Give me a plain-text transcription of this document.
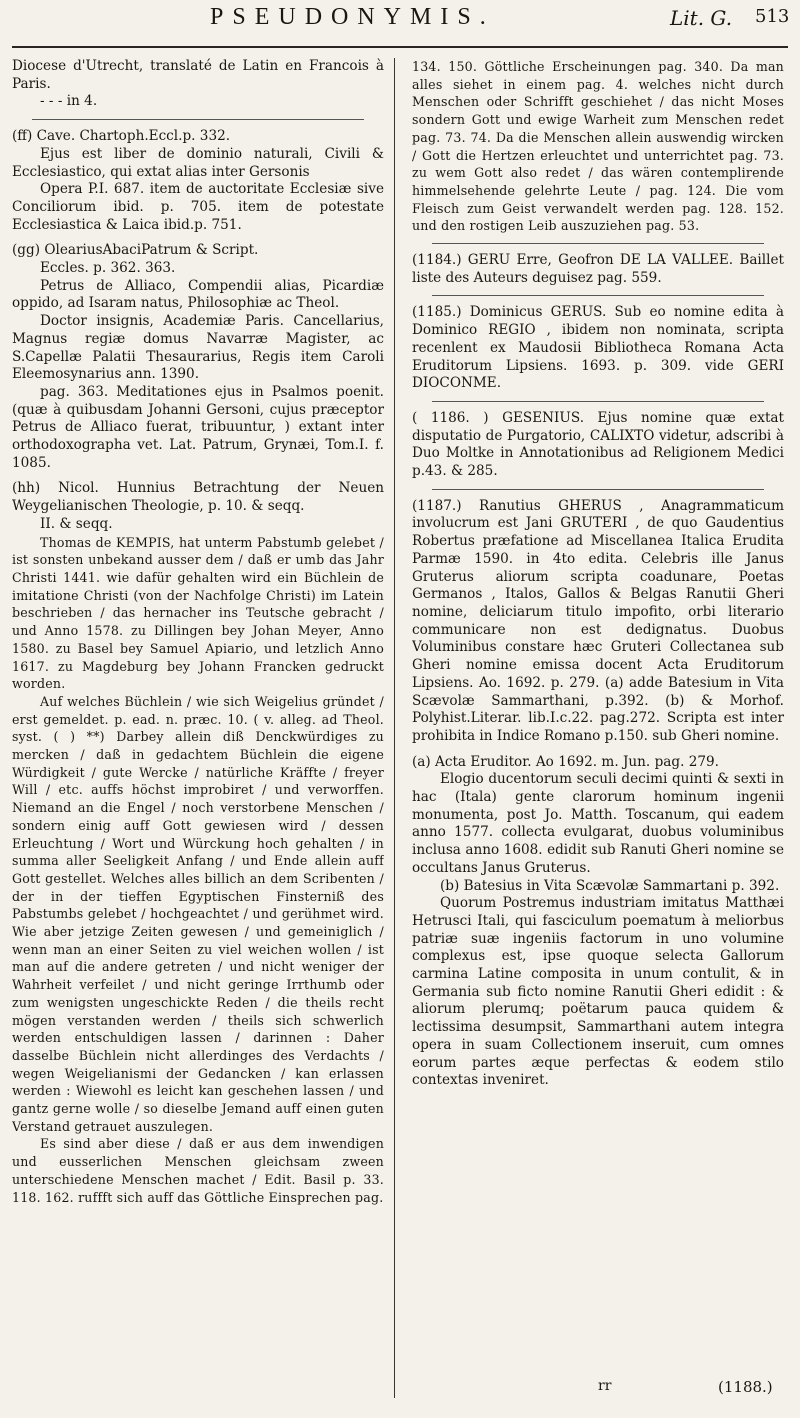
PSEUDONYMIS.	Lit. G. 513

Diocese d'Utrecht, translaté de Latin en Francois à Paris.

- - - in 4.

(ff) Cave. Chartoph.Eccl.p. 332.

Ejus est liber de dominio naturali, Civili & Ecclesiastico, qui extat alias inter Gersonis

Opera P.I. 687. item de auctoritate Ecclesiæ sive Conciliorum ibid. p. 705. item de potestate Ecclesiastica & Laica ibid.p. 751.

(gg) OleariusAbaciPatrum & Script.

Eccles. p. 362. 363.

Petrus de Alliaco, Compendii alias, Picardiæ oppido, ad Isaram natus, Philosophiæ ac Theol.

Doctor insignis, Academiæ Paris. Cancellarius, Magnus regiæ domus Navarræ Magister, ac S.Capellæ Palatii Thesaurarius, Regis item Caroli Eleemosynarius ann. 1390.

pag. 363. Meditationes ejus in Psalmos poenit. (quæ à quibusdam Johanni Gersoni, cujus præceptor Petrus de Alliaco fuerat, tribuuntur, ) extant inter orthodoxographa vet. Lat. Patrum, Grynæi, Tom.I. f. 1085.

(hh) Nicol. Hunnius Betrachtung der Neuen Weygelianischen Theologie, p. 10. & seqq.

II. & seqq.

Thomas de KEMPIS, hat unterm Pabstumb gelebet / ist sonsten unbekand ausser dem / daß er umb das Jahr Christi 1441. wie dafür gehalten wird ein Büchlein de imitatione Christi (von der Nachfolge Christi) im Latein beschrieben / das hernacher ins Teutsche gebracht / und Anno 1578. zu Dillingen bey Johan Meyer, Anno 1580. zu Basel bey Samuel Apiario, und letzlich Anno 1617. zu Magdeburg bey Johann Francken gedruckt worden.

Auf welches Büchlein / wie sich Weigelius gründet / erst gemeldet. p. ead. n. præc. 10. ( v. alleg. ad Theol. syst. ( ) **) Darbey allein diß Denckwürdiges zu mercken / daß in gedachtem Büchlein die eigene Würdigkeit / gute Wercke / natürliche Kräffte / freyer Will / etc. auffs höchst improbiret / und verworffen. Niemand an die Engel / noch verstorbene Menschen / sondern einig auff Gott gewiesen wird / dessen Erleuchtung / Wort und Würckung hoch gehalten / in summa aller Seeligkeit Anfang / und Ende allein auff Gott gestellet. Welches alles billich an dem Scribenten / der in der tieffen Egyptischen Finsterniß des Pabstumbs gelebet / hochgeachtet / und gerühmet wird. Wie aber jetzige Zeiten gewesen / und gemeiniglich / wenn man an einer Seiten zu viel weichen wollen / ist man auf die andere getreten / und nicht weniger der Wahrheit verfeilet / und nicht geringe Irrthumb oder zum wenigsten ungeschickte Reden / die theils recht mögen verstanden werden / theils sich schwerlich werden entschuldigen lassen / darinnen : Daher dasselbe Büchlein nicht allerdinges des Verdachts / wegen Weigelianismi der Gedancken / kan erlassen werden : Wiewohl es leicht kan geschehen lassen / und gantz gerne wolle / so dieselbe Jemand auff einen guten Verstand getrauet auszulegen.

Es sind aber diese / daß er aus dem inwendigen und eusserlichen Menschen gleichsam zween unterschiedene Menschen machet / Edit. Basil p. 33. 118. 162. ruffft sich auff das Göttliche Einsprechen pag.

134. 150. Göttliche Erscheinungen pag. 340. Da man alles siehet in einem pag. 4. welches nicht durch Menschen oder Schrifft geschiehet / das nicht Moses sondern Gott und ewige Warheit zum Menschen redet pag. 73. 74. Da die Menschen allein auswendig wircken / Gott die Hertzen erleuchtet und unterrichtet pag. 73. zu wem Gott also redet / das wären contemplirende himmelsehende gelehrte Leute / pag. 124. Die vom Fleisch zum Geist verwandelt werden pag. 128. 152. und den rostigen Leib auszuziehen pag. 53.

(1184.) GERU Erre, Geofron DE LA VALLEE. Baillet liste des Auteurs deguisez pag. 559.

(1185.) Dominicus GERUS. Sub eo nomine edita à Dominico REGIO , ibidem non nominata, scripta recenlent ex Maudosii Bibliotheca Romana Acta Eruditorum Lipsiens. 1693. p. 309. vide GERI DIOCONME.

( 1186. ) GESENIUS. Ejus nomine quæ extat disputatio de Purgatorio, CALIXTO videtur, adscribi à Duo Moltke in Annotationibus ad Religionem Medici p.43. & 285.

(1187.) Ranutius GHERUS , Anagrammaticum involucrum est Jani GRUTERI , de quo Gaudentius Robertus præfatione ad Miscellanea Italica Erudita Parmæ 1590. in 4to edita. Celebris ille Janus Gruterus aliorum scripta coadunare, Poetas Germanos , Italos, Gallos & Belgas Ranutii Gheri nomine, deliciarum titulo impofito, orbi literario communicare non est dedignatus. Duobus Voluminibus constare hæc Gruteri Collectanea sub Gheri nomine emissa docent Acta Eruditorum Lipsiens. Ao. 1692. p. 279. (a) adde Batesium in Vita Scævolæ Sammarthani, p.392. (b) & Morhof. Polyhist.Literar. lib.I.c.22. pag.272. Scripta est inter prohibita in Indice Romano p.150. sub Gheri nomine.

(a) Acta Eruditor. Ao 1692. m. Jun. pag. 279.

Elogio ducentorum seculi decimi quinti & sexti in hac (Itala) gente clarorum hominum ingenii monumenta, post Jo. Matth. Toscanum, qui eadem anno 1577. collecta evulgarat, duobus voluminibus inclusa anno 1608. edidit sub Ranuti Gheri nomine se occultans Janus Gruterus.

(b) Batesius in Vita Scævolæ Sammartani p. 392.

Quorum Postremus industriam imitatus Matthæi Hetrusci Itali, qui fasciculum poematum à meliorbus patriæ suæ ingeniis factorum in uno volumine complexus est, ipse quoque selecta Gallorum carmina Latine composita in unum contulit, & in Germania sub ficto nomine Ranutii Gheri edidit : & aliorum plerumq; poëtarum pauca quidem & lectissima desumpsit, Sammarthani autem integra opera in suam Collectionem inseruit, cum omnes eorum partes æque perfectas & eodem stilo contextas inveniret.

rr	(1188.)
